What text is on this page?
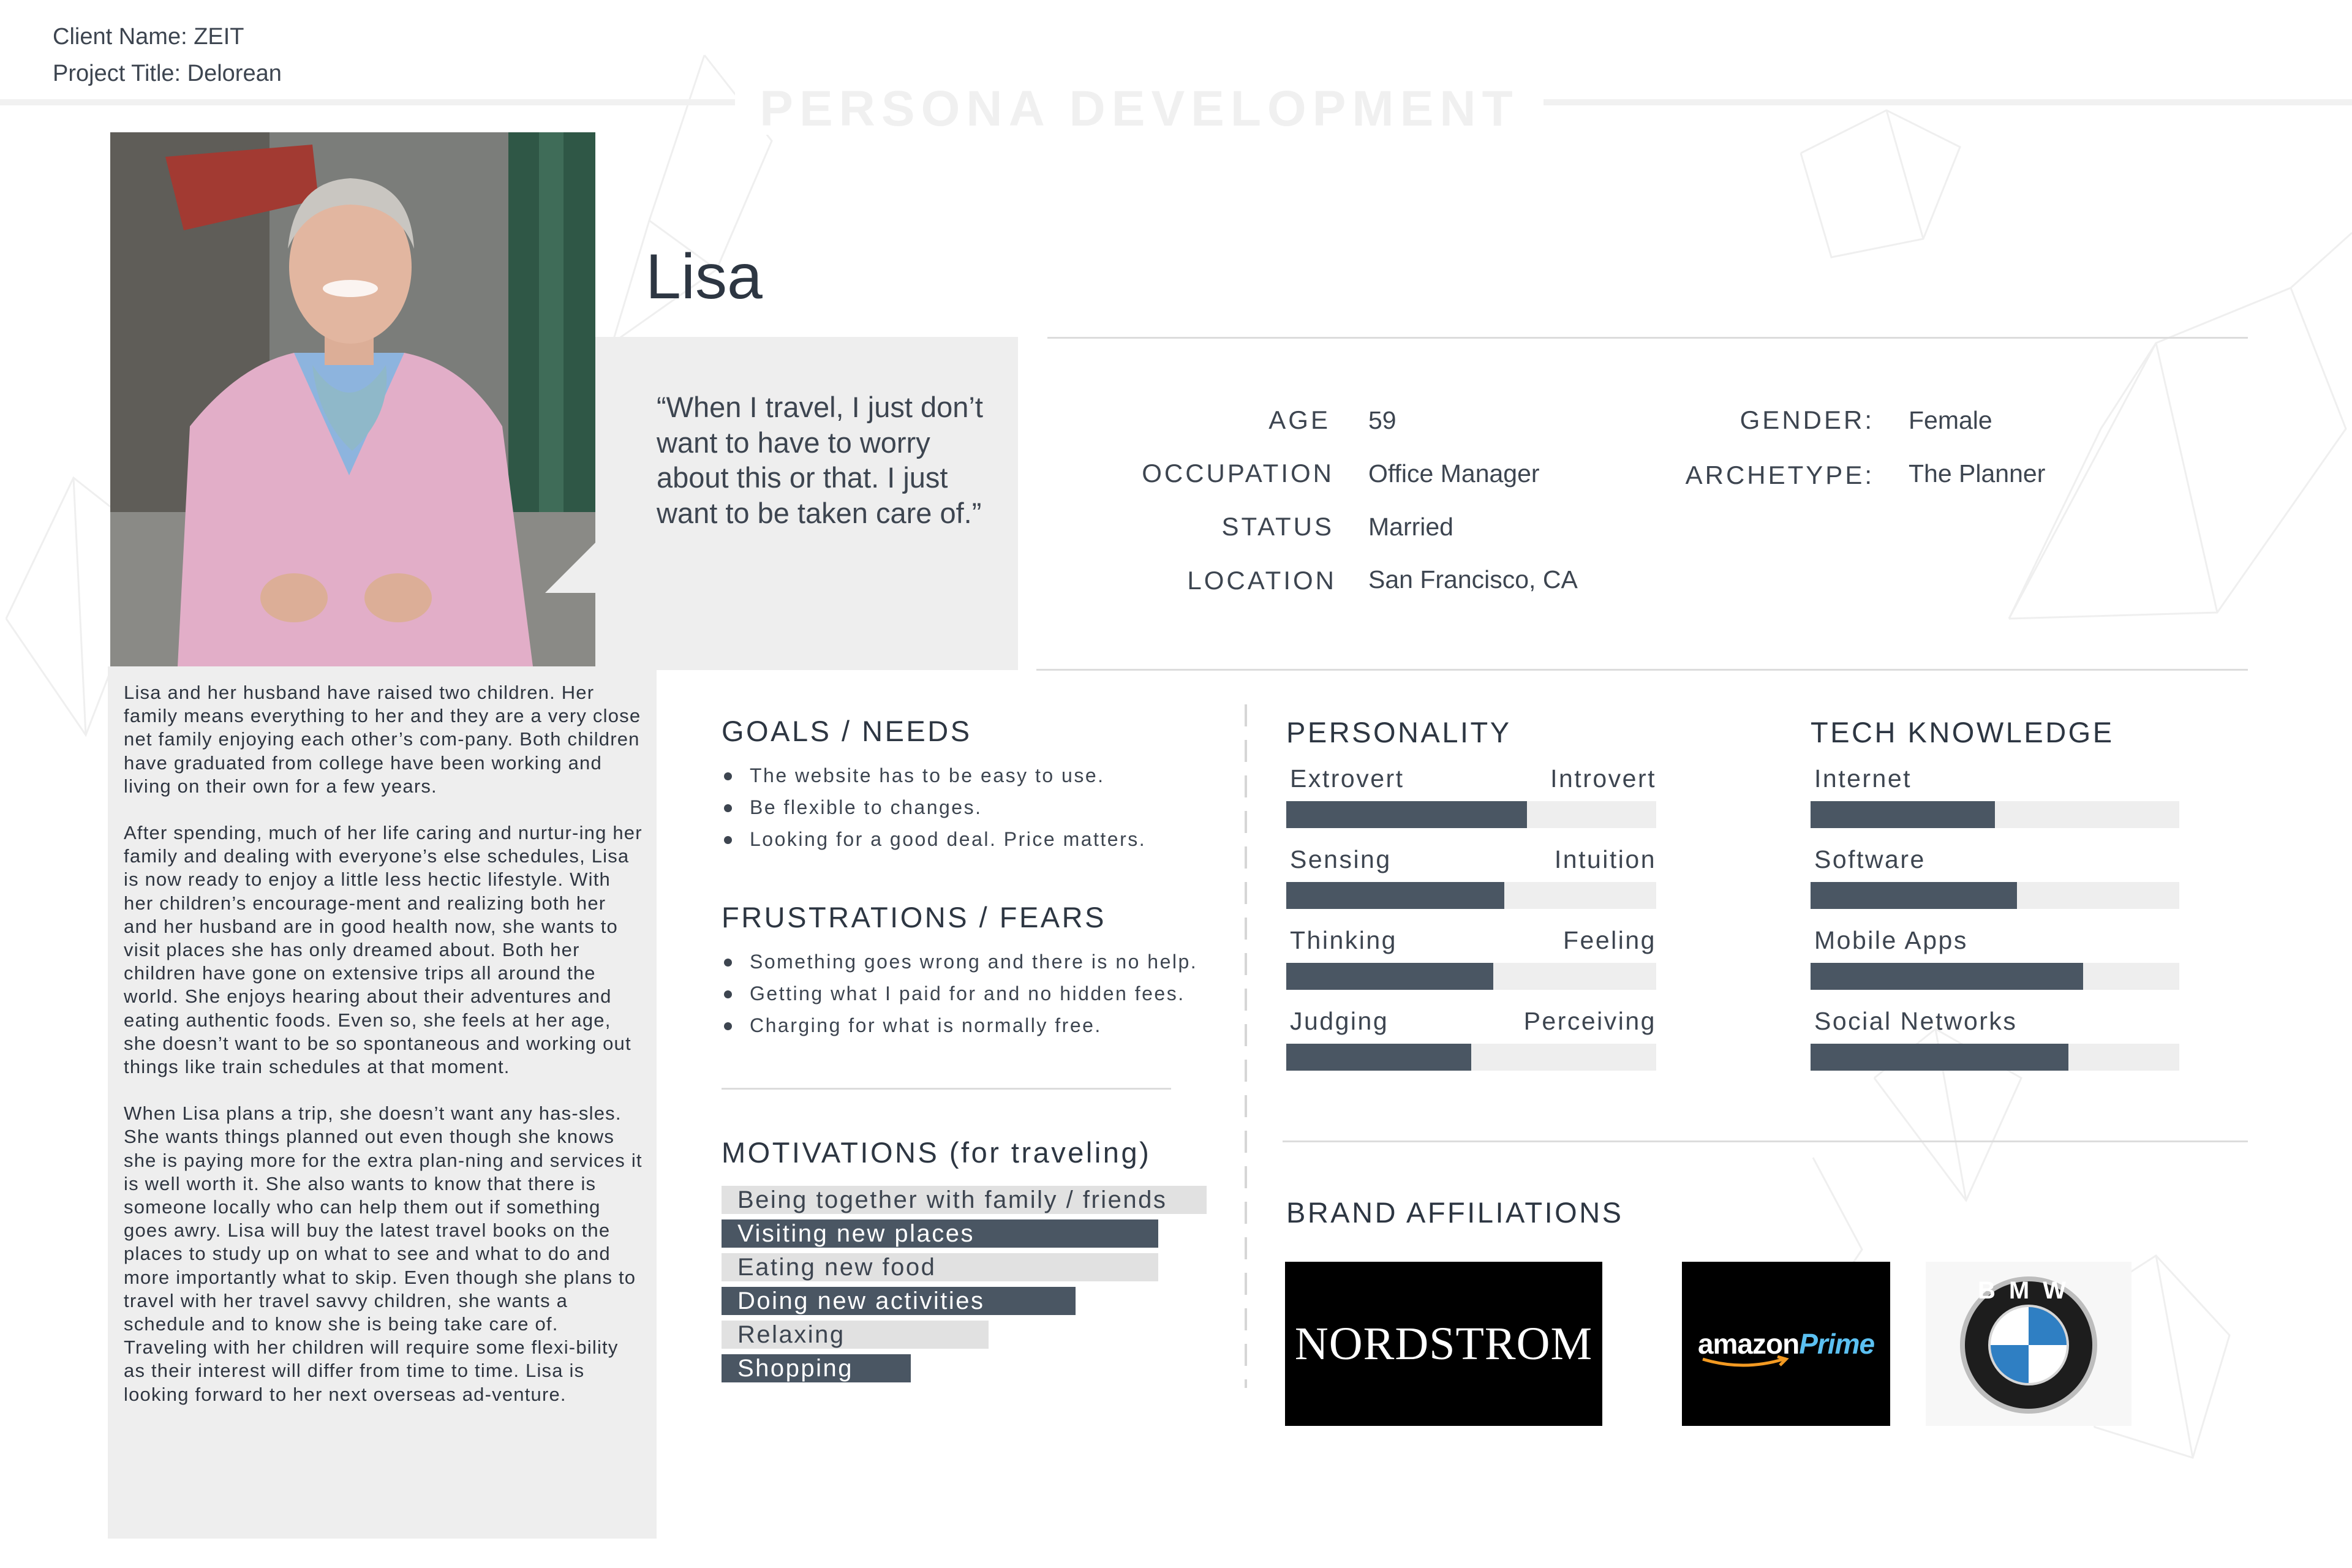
Client Name: ZEIT
Project Title: Delorean
PERSONA DEVELOPMENT

Lisa and her husband have raised two children. Her family means everything to her and they are a very close net family enjoying each other’s com-pany. Both children have graduated from college have been working and living on their own for a few years.

After spending, much of her life caring and nurtur-ing her family and dealing with everyone’s else schedules, Lisa is now ready to enjoy a little less hectic lifestyle. With her children’s encourage-ment and realizing both her and her husband are in good health now, she wants to visit places she has only dreamed about. Both her children have gone on extensive trips all around the world. She enjoys hearing about their adventures and eating authentic foods. Even so, she feels at her age, she doesn’t want to be so spontaneous and working out things like train schedules at that moment.

When Lisa plans a trip, she doesn’t want any has-sles. She wants things planned out even though she knows she is paying more for the extra plan-ning and services it is well worth it. She also wants to know that there is someone locally who can help them out if something goes awry. Lisa will buy the latest travel books on the places to study up on what to see and what to do and more importantly what to skip. Even though she plans to travel with her travel savvy children, she wants a schedule and to know she is being take care of. Traveling with her children will require some flexi-bility as their interest will differ from time to time. Lisa is looking forward to her next overseas ad-venture.

Lisa
“When I travel, I just don’t want to have to worry about this or that. I just want to be taken care of.”
AGE 59
OCCUPATION Office Manager
STATUS Married
LOCATION San Francisco, CA
GENDER: Female
ARCHETYPE: The Planner
GOALS / NEEDS
The website has to be easy to use.
Be flexible to changes.
Looking for a good deal. Price matters.
FRUSTRATIONS / FEARS
Something goes wrong and there is no help.
Getting what I paid for and no hidden fees.
Charging for what is normally free.
MOTIVATIONS (for traveling)
Being together with family / friends
Visiting new places
Eating new food
Doing new activities
Relaxing
Shopping
PERSONALITY
Extrovert	Introvert
Sensing	Intuition
Thinking	Feeling
Judging	Perceiving
TECH KNOWLEDGE
Internet
Software
Mobile Apps
Social Networks
BRAND AFFILIATIONS
NORDSTROM	amazonPrime
BMW
